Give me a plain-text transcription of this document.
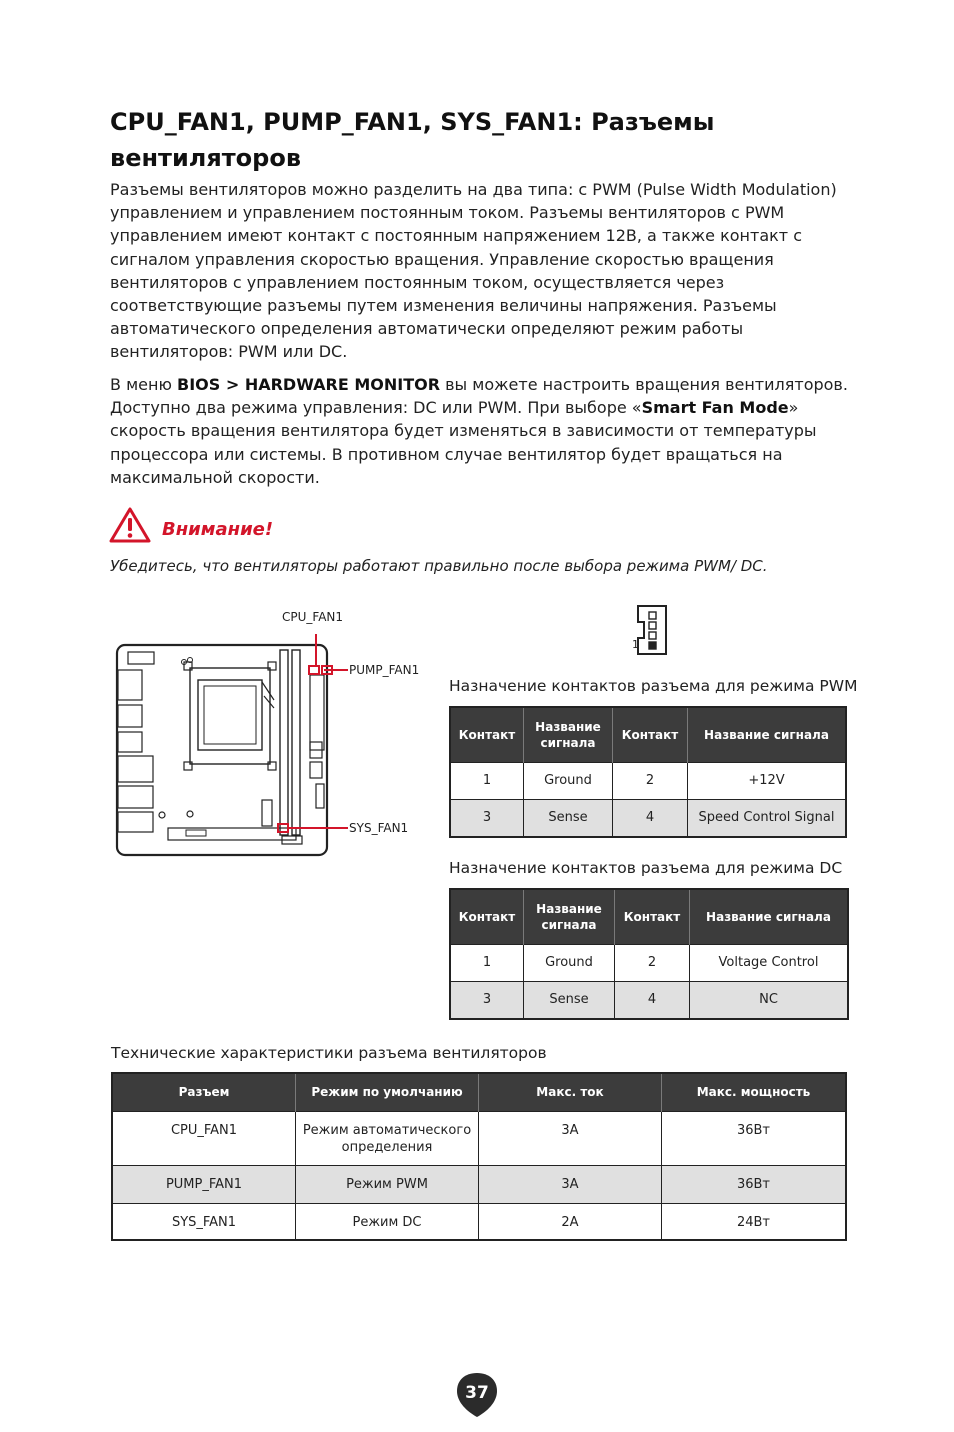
CPU_FAN1, PUMP_FAN1, SYS_FAN1: Разъемы
вентиляторов

Разъемы вентиляторов можно разделить на два типа: с PWM (Pulse Width Modulation) управлением и управлением постоянным током. Разъемы вентиляторов с PWM управлением имеют контакт с постоянным напряжением 12В, а также контакт с сигналом управления скоростью вращения. Управление скоростью вращения вентиляторов с управлением постоянным током, осуществляется через соответствующие разъемы путем изменения величины напряжения. Разъемы автоматического определения автоматически определяют режим работы вентиляторов: PWM или DC.

В меню BIOS > HARDWARE MONITOR вы можете настроить вращения вентиляторов. Доступно два режима управления: DC или PWM. При выборе «Smart Fan Mode» скорость вращения вентилятора будет изменяться в зависимости от температуры процессора или системы. В противном случае вентилятор будет вращаться на максимальной скорости.

Внимание!
Убедитесь, что вентиляторы работают правильно после выбора режима PWM/ DC.
CPU_FAN1
PUMP_FAN1
SYS_FAN1
1
Назначение контактов разъема для режима PWM
Контакт	Название сигнала	Контакт	Название сигнала
1	Ground	2	+12V
3	Sense	4	Speed Control Signal
Назначение контактов разъема для режима DC
Контакт	Название сигнала	Контакт	Название сигнала
1	Ground	2	Voltage Control
3	Sense	4	NC
Технические характеристики разъема вентиляторов
Разъем	Режим по умолчанию	Макс. ток	Макс. мощность
CPU_FAN1	Режим автоматического определения	3A	36Вт
PUMP_FAN1	Режим PWM	3A	36Вт
SYS_FAN1	Режим DC	2A	24Вт
37
